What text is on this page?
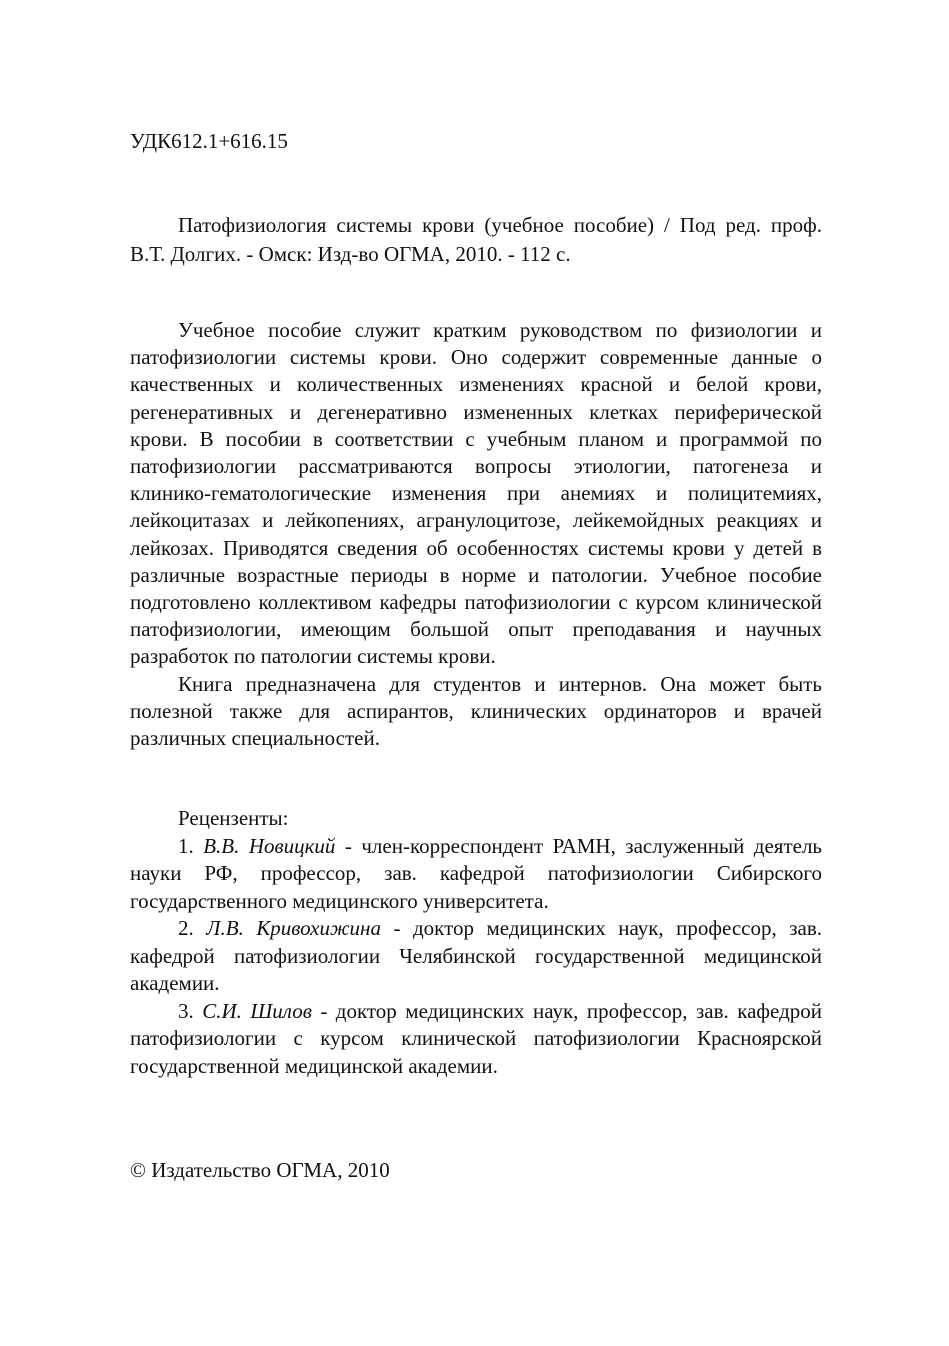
УДК612.1+616.15

Патофизиология системы крови (учебное пособие) / Под ред. проф. В.Т. Долгих. - Омск: Изд-во ОГМА, 2010. - 112 с.

Учебное пособие служит кратким руководством по физиологии и патофизиологии системы крови. Оно содержит современные данные о качественных и количественных изменениях красной и белой крови, регенеративных и дегенеративно измененных клетках периферической крови. В пособии в соответствии с учебным планом и программой по патофизиологии рассматриваются вопросы этиологии, патогенеза и клинико-гематологические изменения при анемиях и полицитемиях, лейкоцитазах и лейкопениях, агранулоцитозе, лейкемойдных реакциях и лейкозах. Приводятся сведения об особенностях системы крови у детей в различные возрастные периоды в норме и патологии. Учебное пособие подготовлено коллективом кафедры патофизиологии с курсом клинической патофизиологии, имеющим большой опыт преподавания и научных разработок по патологии системы крови.

Книга предназначена для студентов и интернов. Она может быть полезной также для аспирантов, клинических ординаторов и врачей различных специальностей.

Рецензенты:

1. В.В. Новицкий - член-корреспондент РАМН, заслуженный деятель науки РФ, профессор, зав. кафедрой патофизиологии Сибирского государственного медицинского университета.

2. Л.В. Кривохижина - доктор медицинских наук, профессор, зав. кафедрой патофизиологии Челябинской государственной медицинской академии.

3. С.И. Шилов - доктор медицинских наук, профессор, зав. кафедрой патофизиологии с курсом клинической патофизиологии Красноярской государственной медицинской академии.

© Издательство ОГМА, 2010
